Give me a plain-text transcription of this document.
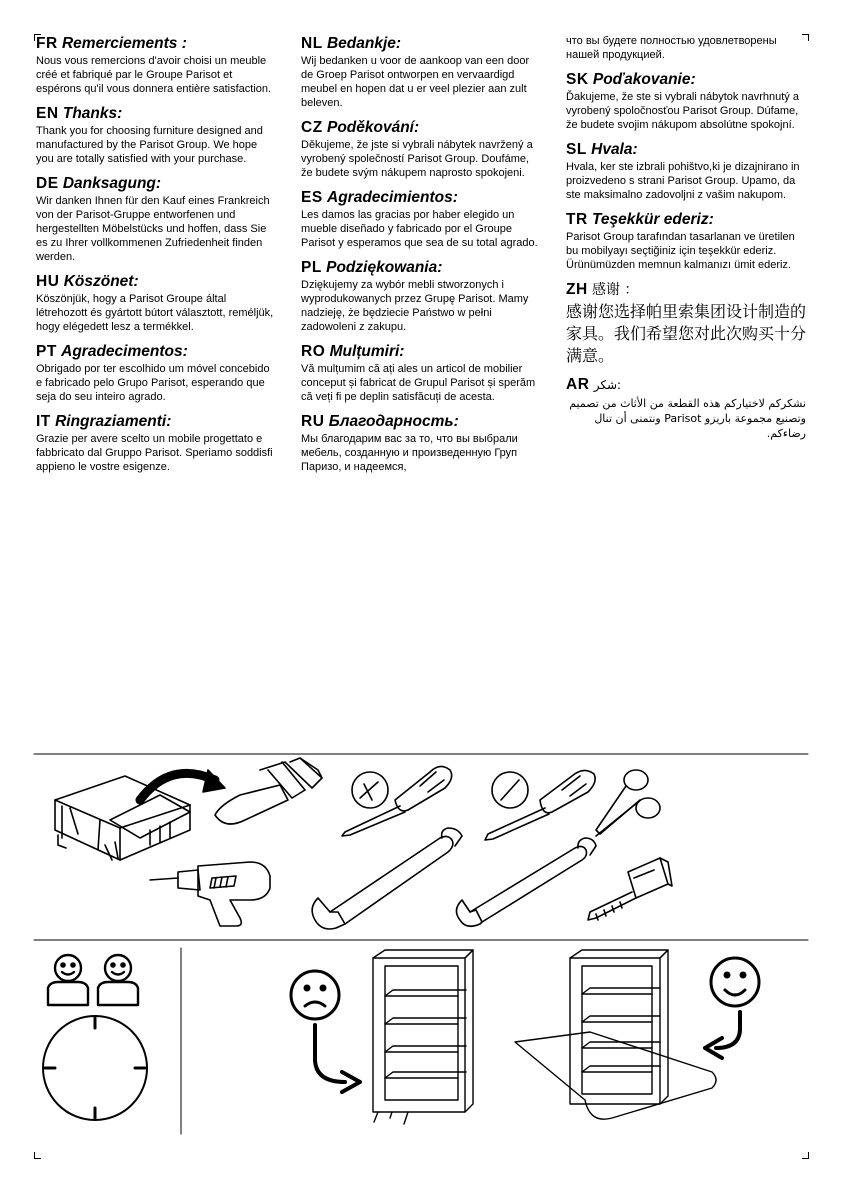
FR Remerciements :

Nous vous remercions d'avoir choisi un meuble créé et fabriqué par le Groupe Parisot et espérons qu'il vous donnera entière satisfaction.

EN Thanks:

Thank you for choosing furniture designed and manufactured by the Parisot Group. We hope you are totally satisfied with your purchase.

DE Danksagung:

Wir danken Ihnen für den Kauf eines Frankreich von der Parisot-Gruppe entworfenen und hergestellten Möbelstücks und hoffen, dass Sie es zu Ihrer vollkommenen Zufriedenheit finden werden.

HU Köszönet:

Köszönjük, hogy a Parisot Groupe által létrehozott és gyártott bútort választott, reméljük, hogy elégedett lesz a termékkel.

PT Agradecimentos:

Obrigado por ter escolhido um móvel concebido e fabricado pelo Grupo Parisot, esperando que seja do seu inteiro agrado.

IT Ringraziamenti:

Grazie per avere scelto un mobile progettato e fabbricato dal Gruppo Parisot. Speriamo soddisfi appieno le vostre esigenze.

NL Bedankje:

Wij bedanken u voor de aankoop van een door de Groep Parisot ontworpen en vervaardigd meubel en hopen dat u er veel plezier aan zult beleven.

CZ Poděkování:

Děkujeme, že jste si vybrali nábytek navržený a vyrobený společností Parisot Group. Doufáme, že budete svým nákupem naprosto spokojeni.

ES Agradecimientos:

Les damos las gracias por haber elegido un mueble diseñado y fabricado por el Groupe Parisot y esperamos que sea de su total agrado.

PL Podziękowania:

Dziękujemy za wybór mebli stworzonych i wyprodukowanych przez Grupę Parisot. Mamy nadzieję, że będziecie Państwo w pełni zadowoleni z zakupu.

RO Mulțumiri:

Vă mulțumim că ați ales un articol de mobilier conceput și fabricat de Grupul Parisot și sperăm că veți fi pe deplin satisfăcuți de acesta.

RU Благодарность:

Мы благодарим вас за то, что вы выбрали мебель, созданную и произведенную Груп Паризо, и надеемся,

что вы будете полностью удовлетворены нашей продукцией.

SK Poďakovanie:

Ďakujeme, že ste si vybrali nábytok navrhnutý a vyrobený spoločnosťou Parisot Group. Dúfame, že budete svojim nákupom absolútne spokojní.

SL Hvala:

Hvala, ker ste izbrali pohištvo,ki je dizajnirano in proizvedeno s strani Parisot Group. Upamo, da ste maksimalno zadovoljni z vašim nakupom.

TR Teşekkür ederiz:

Parisot Group tarafından tasarlanan ve üretilen bu mobilyayı seçtiğiniz için teşekkür ederiz. Ürünümüzden memnun kalmanızı ümit ederiz.

ZH 感谢 ：

感谢您选择帕里索集团设计制造的家具。我们希望您对此次购买十分满意。

AR شكر:

نشكركم لاختياركم هذه القطعة من الأثاث من تصميم وتصنيع مجموعة باريزو Parisot ونتمنى أن تنال رضاءكم.
